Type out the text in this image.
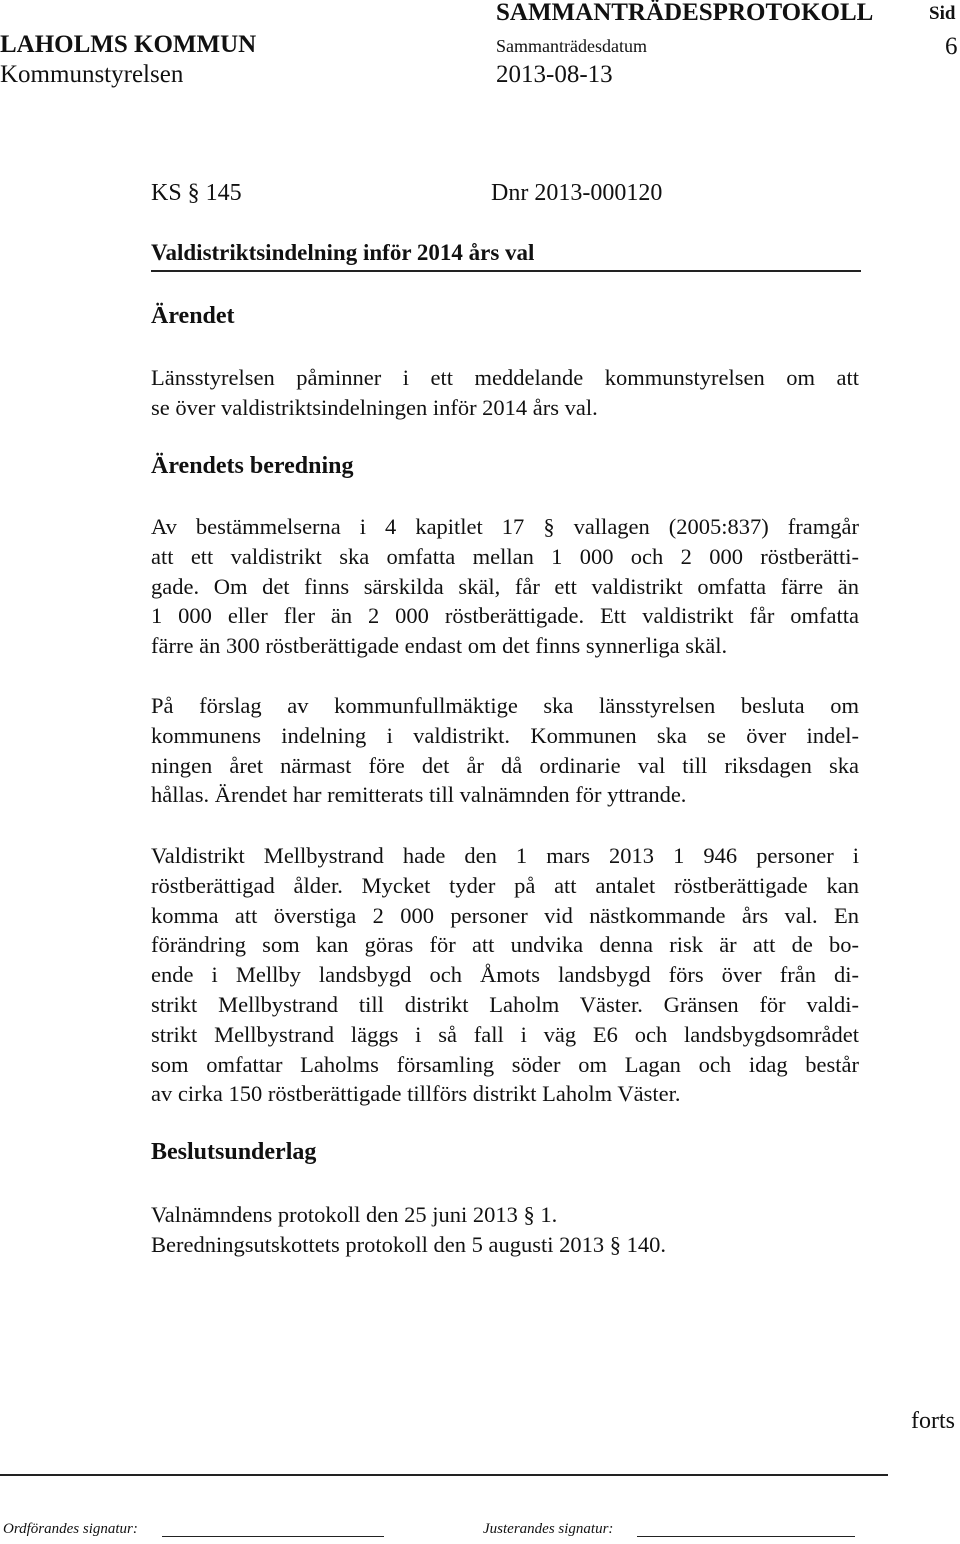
SAMMANTRÄDESPROTOKOLL	Sid
LAHOLMS KOMMUN	Sammanträdesdatum	6
Kommunstyrelsen	2013-08-13
KS § 145	Dnr 2013-000120
Valdistriktsindelning inför 2014 års val
Ärendet
Länsstyrelsen påminner i ett meddelande kommunstyrelsen om att
se över valdistriktsindelningen inför 2014 års val.
Ärendets beredning
Av bestämmelserna i 4 kapitlet 17 § vallagen (2005:837) framgår
att ett valdistrikt ska omfatta mellan 1 000 och 2 000 röstberätti-
gade. Om det finns särskilda skäl, får ett valdistrikt omfatta färre än
1 000 eller fler än 2 000 röstberättigade. Ett valdistrikt får omfatta
färre än 300 röstberättigade endast om det finns synnerliga skäl.
På förslag av kommunfullmäktige ska länsstyrelsen besluta om
kommunens indelning i valdistrikt. Kommunen ska se över indel-
ningen året närmast före det år då ordinarie val till riksdagen ska
hållas. Ärendet har remitterats till valnämnden för yttrande.
Valdistrikt Mellbystrand hade den 1 mars 2013 1 946 personer i
röstberättigad ålder. Mycket tyder på att antalet röstberättigade kan
komma att överstiga 2 000 personer vid nästkommande års val. En
förändring som kan göras för att undvika denna risk är att de bo-
ende i Mellby landsbygd och Åmots landsbygd förs över från di-
strikt Mellbystrand till distrikt Laholm Väster. Gränsen för valdi-
strikt Mellbystrand läggs i så fall i väg E6 och landsbygdsområdet
som omfattar Laholms församling söder om Lagan och idag består
av cirka 150 röstberättigade tillförs distrikt Laholm Väster.
Beslutsunderlag
Valnämndens protokoll den 25 juni 2013 § 1.
Beredningsutskottets protokoll den 5 augusti 2013 § 140.
forts
Ordförandes signatur:	Justerandes signatur:
